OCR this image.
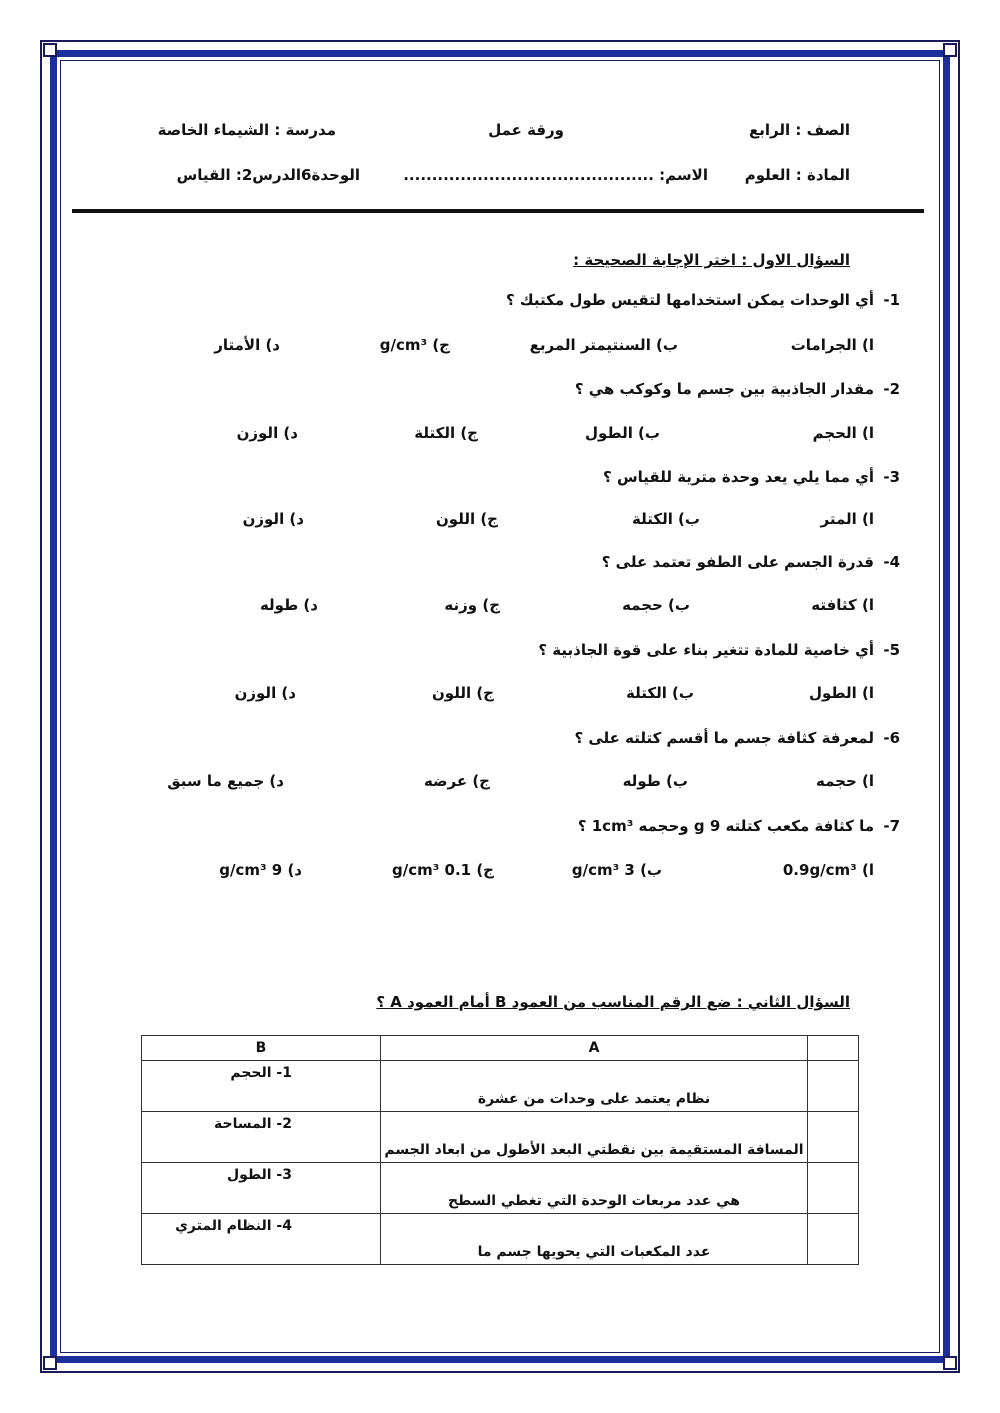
الصف : الرابع
ورقة عمل
مدرسة : الشيماء الخاصة
المادة : العلوم
الاسم: ............................................
الوحدة6الدرس2: القياس
السؤال الاول : اختر الإجابة الصحيحة :
1-
أي الوحدات يمكن استخدامها لتقيس طول مكتبك ؟
ا) الجرامات
ب) السنتيمتر المربع
ج) g/cm³
د) الأمتار
2-
مقدار الجاذبية بين جسم ما وكوكب هي ؟
ا) الحجم
ب) الطول
ج) الكتلة
د) الوزن
3-
أي مما يلي يعد وحدة مترية للقياس ؟
ا) المتر
ب) الكتلة
ج) اللون
د) الوزن
4-
قدرة الجسم على الطفو تعتمد على ؟
ا) كثافته
ب) حجمه
ج) وزنه
د) طوله
5-
أي خاصية للمادة تتغير بناء على قوة الجاذبية ؟
ا) الطول
ب) الكتلة
ج) اللون
د) الوزن
6-
لمعرفة كثافة جسم ما أقسم كتلته على ؟
ا) حجمه
ب) طوله
ج) عرضه
د) جميع ما سبق
7-
ما كثافة مكعب كتلته 9 g وحجمه 1cm³ ؟
ا) 0.9g/cm³
ب) 3 g/cm³
ج) 0.1 g/cm³
د) 9 g/cm³
السؤال الثاني : ضع الرقم المناسب من العمود B أمام العمود A ؟
B	A	
1- الحجم	نظام يعتمد على وحدات من عشرة	
2- المساحة	المسافة المستقيمة بين نقطتي البعد الأطول من ابعاد الجسم	
3- الطول	هي عدد مربعات الوحدة التي تغطي السطح	
4- النظام المتري	عدد المكعبات التي يحويها جسم ما	
